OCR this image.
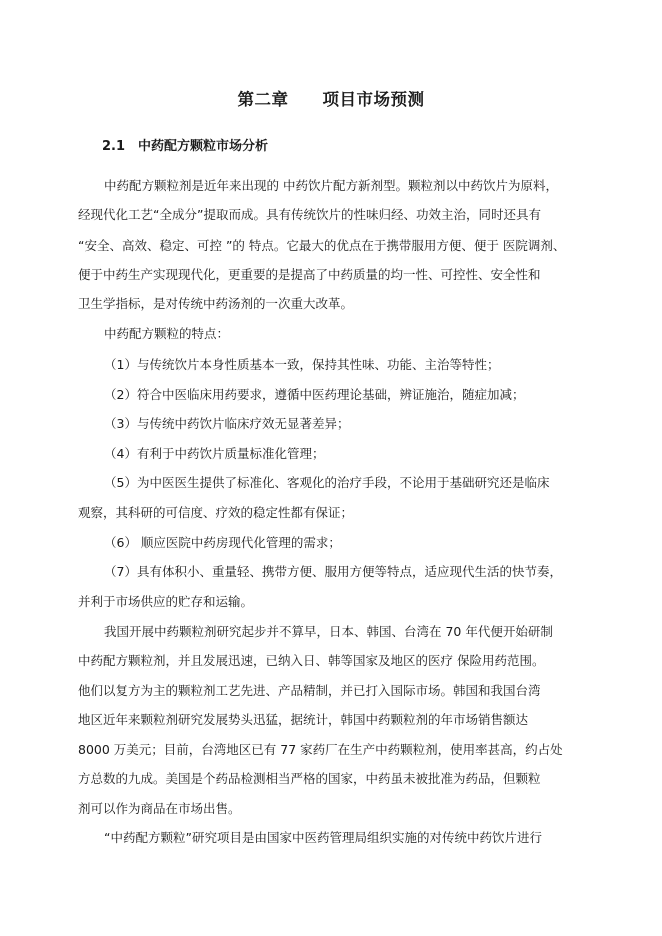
第二章 项目市场预测
2.1 中药配方颗粒市场分析
中药配方颗粒剂是近年来出现的 中药饮片配方新剂型。颗粒剂以中药饮片为原料，
经现代化工艺“全成分”提取而成。具有传统饮片的性味归经、功效主治，同时还具有
“安全、高效、稳定、可控 ”的 特点。它最大的优点在于携带服用方便、便于 医院调剂、
便于中药生产实现现代化，更重要的是提高了中药质量的均一性、可控性、安全性和
卫生学指标，是对传统中药汤剂的一次重大改革。
中药配方颗粒的特点：
（1）与传统饮片本身性质基本一致，保持其性味、功能、主治等特性；
（2）符合中医临床用药要求，遵循中医药理论基础，辨证施治，随症加减；
（3）与传统中药饮片临床疗效无显著差异；
（4）有利于中药饮片质量标准化管理；
（5）为中医医生提供了标准化、客观化的治疗手段，不论用于基础研究还是临床
观察，其科研的可信度、疗效的稳定性都有保证；
（6） 顺应医院中药房现代化管理的需求；
（7）具有体积小、重量轻、携带方便、服用方便等特点，适应现代生活的快节奏，
并利于市场供应的贮存和运输。
我国开展中药颗粒剂研究起步并不算早，日本、韩国、台湾在 70 年代便开始研制
中药配方颗粒剂，并且发展迅速，已纳入日、韩等国家及地区的医疗 保险用药范围。
他们以复方为主的颗粒剂工艺先进、产品精制，并已打入国际市场。韩国和我国台湾
地区近年来颗粒剂研究发展势头迅猛，据统计，韩国中药颗粒剂的年市场销售额达
8000 万美元；目前，台湾地区已有 77 家药厂在生产中药颗粒剂，使用率甚高，约占处
方总数的九成。美国是个药品检测相当严格的国家，中药虽未被批准为药品，但颗粒
剂可以作为商品在市场出售。
“中药配方颗粒”研究项目是由国家中医药管理局组织实施的对传统中药饮片进行
